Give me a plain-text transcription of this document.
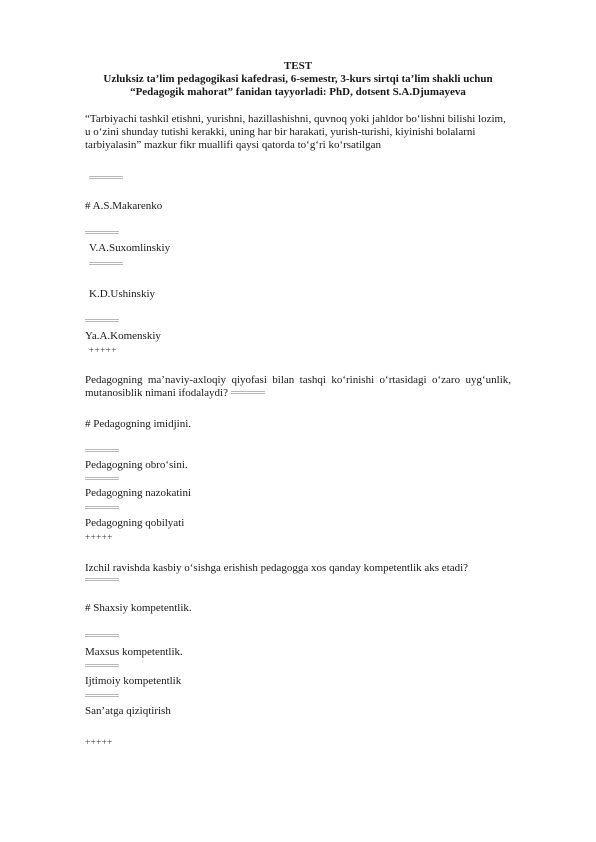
TEST
Uzluksiz ta’lim pedagogikasi kafedrasi, 6-semestr, 3-kurs sirtqi ta’lim shakli uchun
“Pedagogik mahorat” fanidan tayyorladi: PhD, dotsent S.A.Djumayeva
“Tarbiyachi tashkil etishni, yurishni, hazillashishni, quvnoq yoki jahldor bo‘lishni bilishi lozim,
u o‘zini shunday tutishi kerakki, uning har bir harakati, yurish-turishi, kiyinishi bolalarni
tarbiyalasin” mazkur fikr muallifi qaysi qatorda to‘g‘ri ko‘rsatilgan
# A.S.Makarenko
V.A.Suxomlinskiy
K.D.Ushinskiy
Ya.A.Komenskiy
+++++
Pedagogning ma’naviy-axloqiy qiyofasi bilan tashqi ko‘rinishi o‘rtasidagi o‘zaro uyg‘unlik, mutanosiblik nimani ifodalaydi?
# Pedagogning imidjini.
Pedagogning obro‘sini.
Pedagogning nazokatini
Pedagogning qobilyati
+++++
Izchil ravishda kasbiy o‘sishga erishish pedagogga xos qanday kompetentlik aks etadi?
# Shaxsiy kompetentlik.
Maxsus kompetentlik.
Ijtimoiy kompetentlik
San’atga qiziqtirish
+++++
